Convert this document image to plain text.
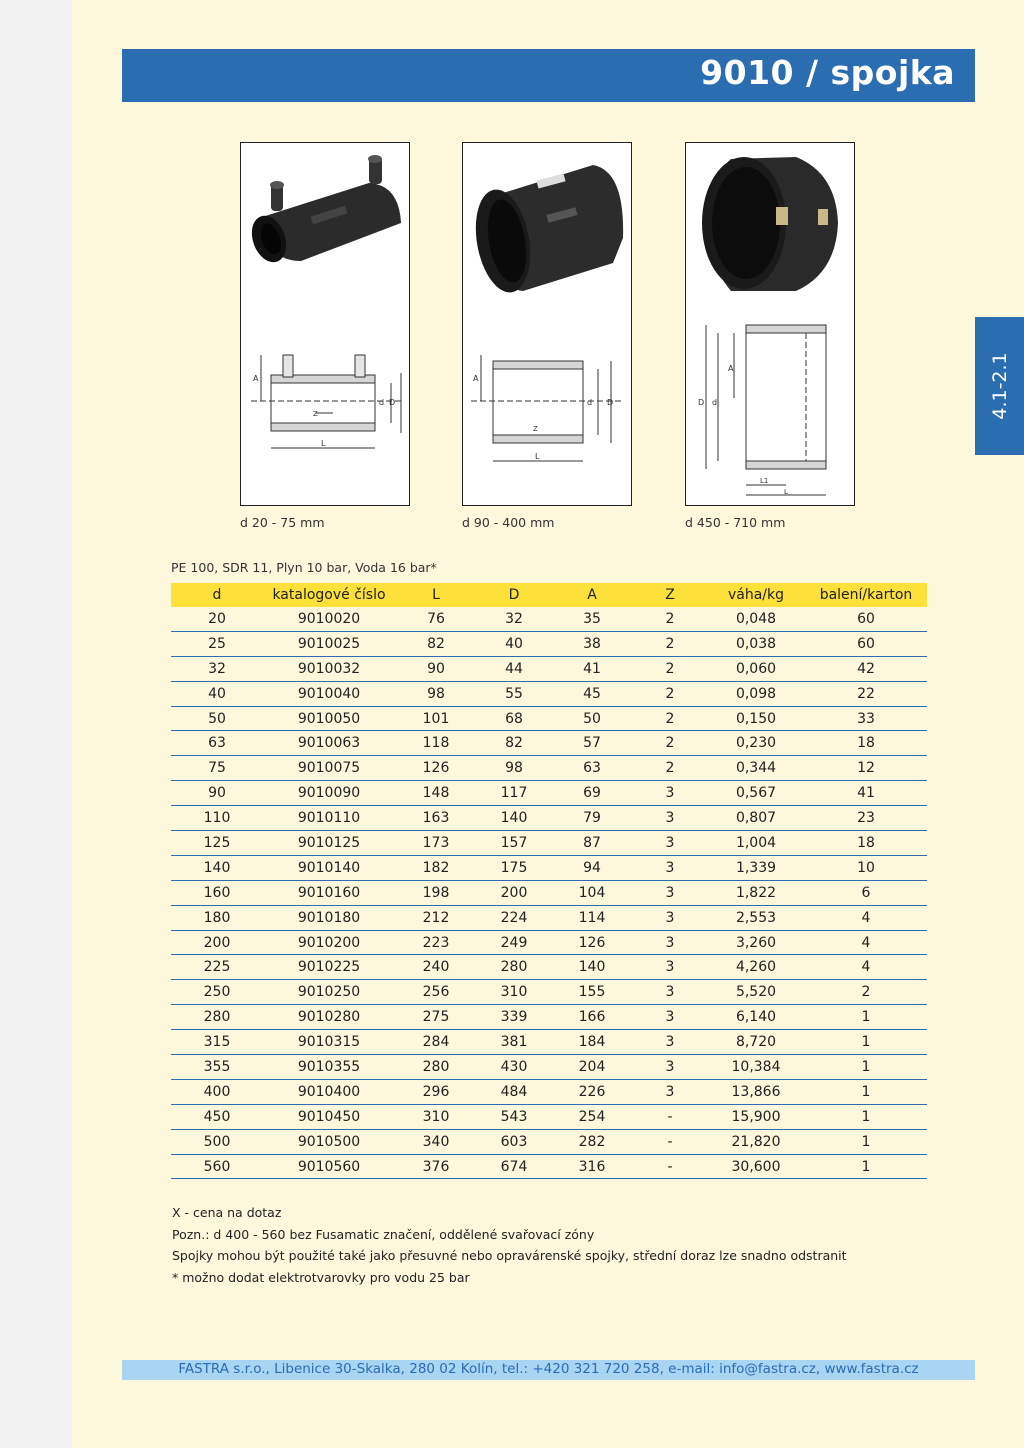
9010 / spojka
4.1-2.1
A
d D
Z
L
d 20 - 75 mm
A
d D
Z
L
d 90 - 400 mm
D d
A
L1
L
d 450 - 710 mm
PE 100, SDR 11, Plyn 10 bar, Voda 16 bar*
d	katalogové číslo	L	D	A	Z	váha/kg	balení/karton
20	9010020	76	32	35	2	0,048	60
25	9010025	82	40	38	2	0,038	60
32	9010032	90	44	41	2	0,060	42
40	9010040	98	55	45	2	0,098	22
50	9010050	101	68	50	2	0,150	33
63	9010063	118	82	57	2	0,230	18
75	9010075	126	98	63	2	0,344	12
90	9010090	148	117	69	3	0,567	41
110	9010110	163	140	79	3	0,807	23
125	9010125	173	157	87	3	1,004	18
140	9010140	182	175	94	3	1,339	10
160	9010160	198	200	104	3	1,822	6
180	9010180	212	224	114	3	2,553	4
200	9010200	223	249	126	3	3,260	4
225	9010225	240	280	140	3	4,260	4
250	9010250	256	310	155	3	5,520	2
280	9010280	275	339	166	3	6,140	1
315	9010315	284	381	184	3	8,720	1
355	9010355	280	430	204	3	10,384	1
400	9010400	296	484	226	3	13,866	1
450	9010450	310	543	254	-	15,900	1
500	9010500	340	603	282	-	21,820	1
560	9010560	376	674	316	-	30,600	1
X - cena na dotaz
Pozn.: d 400 - 560 bez Fusamatic značení, oddělené svařovací zóny
Spojky mohou být použité také jako přesuvné nebo opravárenské spojky, střední doraz lze snadno odstranit
* možno dodat elektrotvarovky pro vodu 25 bar
FASTRA s.r.o., Libenice 30-Skalka, 280 02 Kolín, tel.: +420 321 720 258, e-mail: info@fastra.cz, www.fastra.cz
